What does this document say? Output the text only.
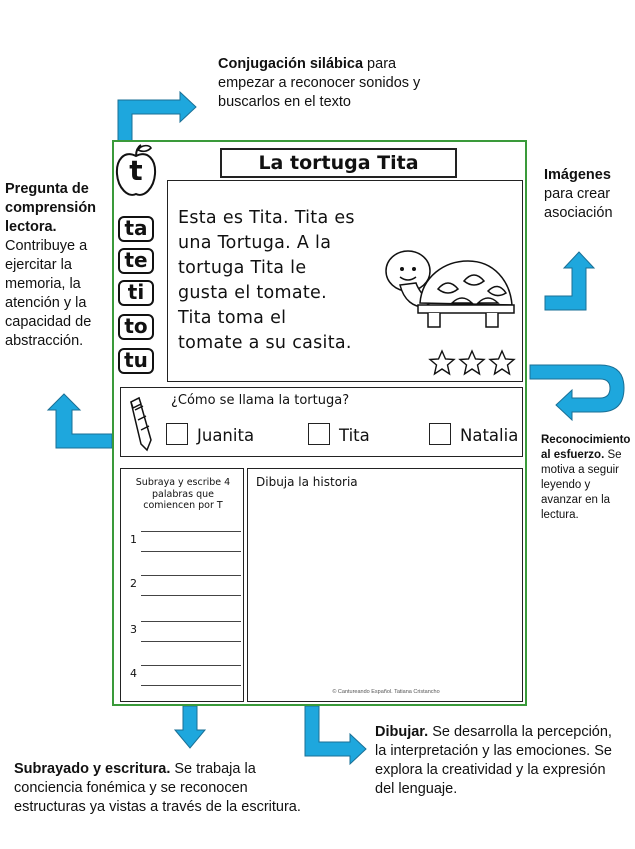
Conjugación silábica para
empezar a reconocer sonidos y
buscarlos en el texto
Pregunta de
comprensión
lectora.
Contribuye a
ejercitar la
memoria, la
atención y la
capacidad de
abstracción.
Imágenes
para crear
asociación
Reconocimiento
al esfuerzo. Se
motiva a seguir
leyendo y
avanzar en la
lectura.
Subrayado y escritura. Se trabaja la
conciencia fonémica y se reconocen
estructuras ya vistas a través de la escritura.
Dibujar. Se desarrolla la percepción,
la interpretación y las emociones. Se
explora la creatividad y la expresión
del lenguaje.
t	La tortuga Tita
ta
te
ti
to
tu
Esta es Tita. Tita es
una Tortuga. A la
tortuga Tita le
gusta el tomate.
Tita toma el
tomate a su casita.
¿Cómo se llama la tortuga?
Juanita	Tita	Natalia
Subraya y escribe 4
palabras que
comiencen por T
1
2
3
4
Dibuja la historia
© Cantureando Español. Tatiana Cristancho
